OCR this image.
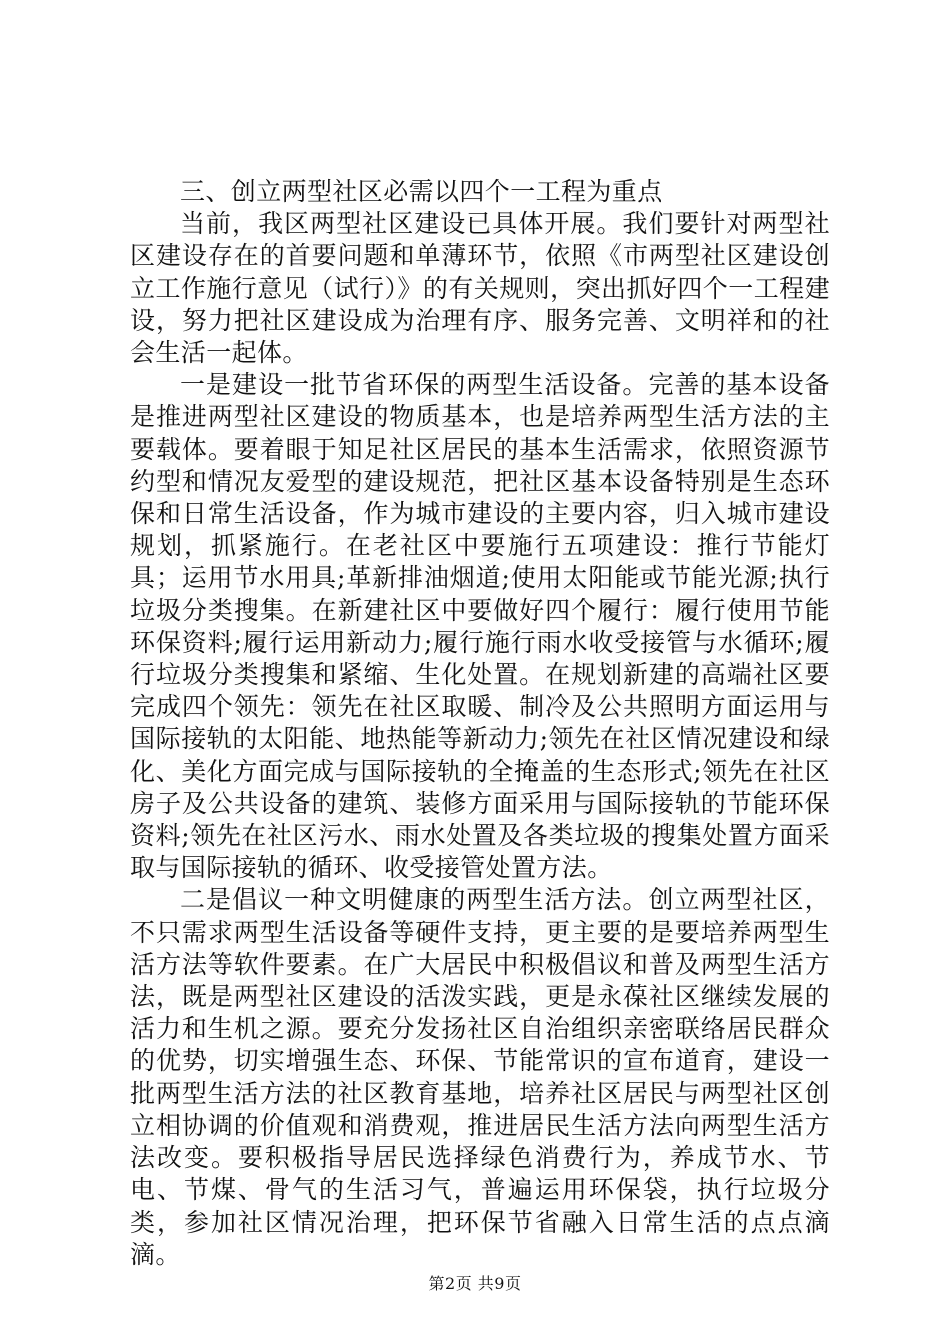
三、创立两型社区必需以四个一工程为重点

当前，我区两型社区建设已具体开展。我们要针对两型社区建设存在的首要问题和单薄环节，依照《市两型社区建设创立工作施行意见（试行）》的有关规则，突出抓好四个一工程建设，努力把社区建设成为治理有序、服务完善、文明祥和的社会生活一起体。

一是建设一批节省环保的两型生活设备。完善的基本设备是推进两型社区建设的物质基本，也是培养两型生活方法的主要载体。要着眼于知足社区居民的基本生活需求，依照资源节约型和情况友爱型的建设规范，把社区基本设备特别是生态环保和日常生活设备，作为城市建设的主要内容，归入城市建设规划，抓紧施行。在老社区中要施行五项建设：推行节能灯具；运用节水用具;革新排油烟道;使用太阳能或节能光源;执行垃圾分类搜集。在新建社区中要做好四个履行：履行使用节能环保资料;履行运用新动力;履行施行雨水收受接管与水循环;履行垃圾分类搜集和紧缩、生化处置。在规划新建的高端社区要完成四个领先：领先在社区取暖、制冷及公共照明方面运用与国际接轨的太阳能、地热能等新动力;领先在社区情况建设和绿化、美化方面完成与国际接轨的全掩盖的生态形式;领先在社区房子及公共设备的建筑、装修方面采用与国际接轨的节能环保资料;领先在社区污水、雨水处置及各类垃圾的搜集处置方面采取与国际接轨的循环、收受接管处置方法。

二是倡议一种文明健康的两型生活方法。创立两型社区，不只需求两型生活设备等硬件支持，更主要的是要培养两型生活方法等软件要素。在广大居民中积极倡议和普及两型生活方法，既是两型社区建设的活泼实践，更是永葆社区继续发展的活力和生机之源。要充分发扬社区自治组织亲密联络居民群众的优势，切实增强生态、环保、节能常识的宣布道育，建设一批两型生活方法的社区教育基地，培养社区居民与两型社区创立相协调的价值观和消费观，推进居民生活方法向两型生活方法改变。要积极指导居民选择绿色消费行为，养成节水、节电、节煤、骨气的生活习气，普遍运用环保袋，执行垃圾分类，参加社区情况治理，把环保节省融入日常生活的点点滴滴。

第2页 共9页
